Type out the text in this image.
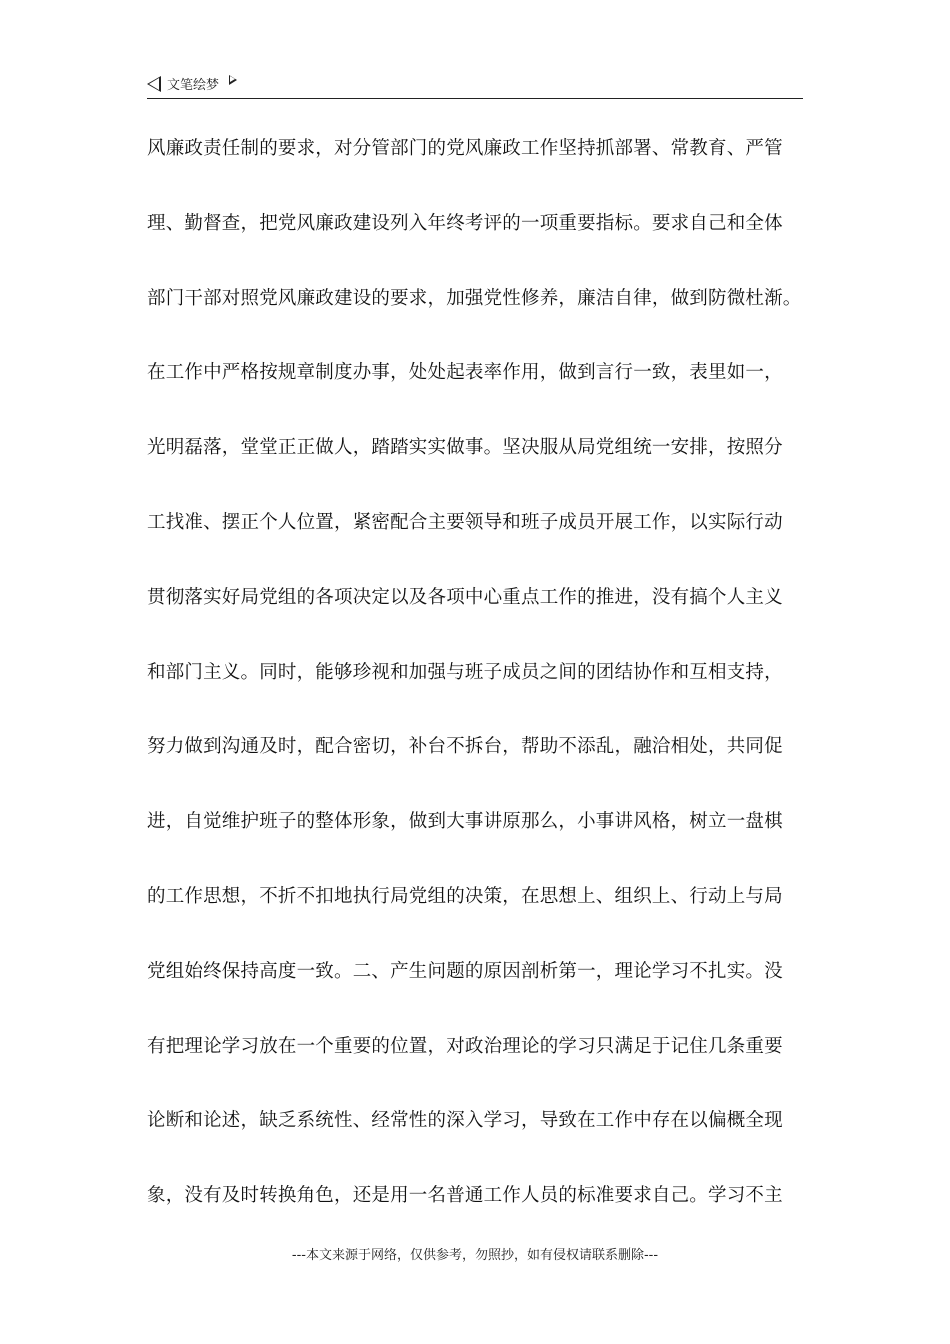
文笔绘梦
风廉政责任制的要求，对分管部门的党风廉政工作坚持抓部署、常教育、严管
理、勤督查，把党风廉政建设列入年终考评的一项重要指标。要求自己和全体
部门干部对照党风廉政建设的要求，加强党性修养，廉洁自律，做到防微杜渐。
在工作中严格按规章制度办事，处处起表率作用，做到言行一致，表里如一，
光明磊落，堂堂正正做人，踏踏实实做事。坚决服从局党组统一安排，按照分
工找准、摆正个人位置，紧密配合主要领导和班子成员开展工作，以实际行动
贯彻落实好局党组的各项决定以及各项中心重点工作的推进，没有搞个人主义
和部门主义。同时，能够珍视和加强与班子成员之间的团结协作和互相支持，
努力做到沟通及时，配合密切，补台不拆台，帮助不添乱，融洽相处，共同促
进，自觉维护班子的整体形象，做到大事讲原那么，小事讲风格，树立一盘棋
的工作思想，不折不扣地执行局党组的决策，在思想上、组织上、行动上与局
党组始终保持高度一致。二、产生问题的原因剖析第一，理论学习不扎实。没
有把理论学习放在一个重要的位置，对政治理论的学习只满足于记住几条重要
论断和论述，缺乏系统性、经常性的深入学习，导致在工作中存在以偏概全现
象，没有及时转换角色，还是用一名普通工作人员的标准要求自己。学习不主
---本文来源于网络，仅供参考，勿照抄，如有侵权请联系删除---
